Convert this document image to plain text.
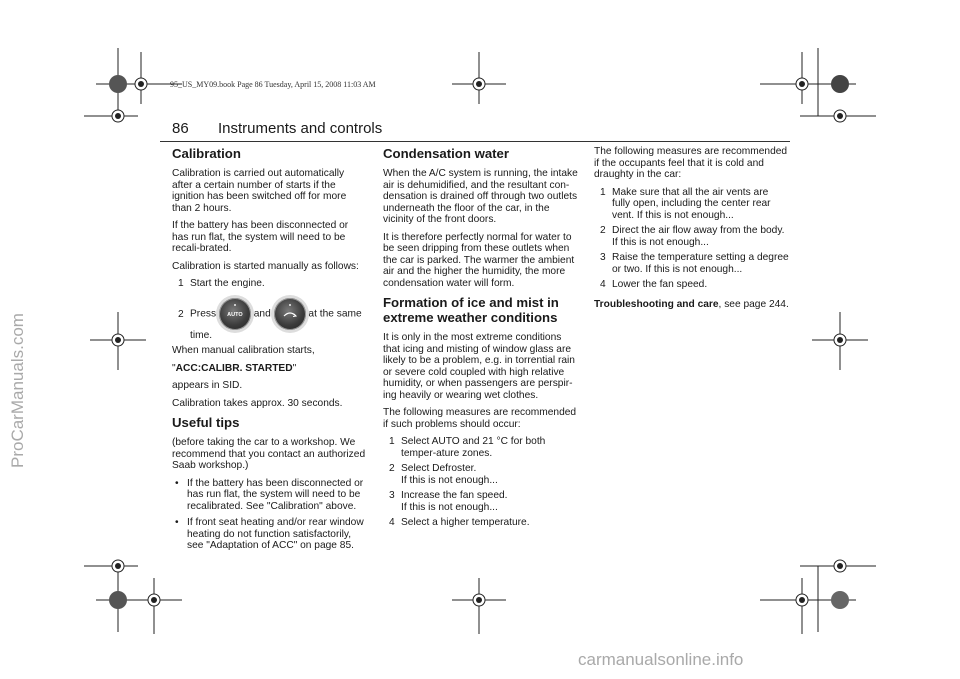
95_US_MY09.book Page 86 Tuesday, April 15, 2008 11:03 AM
86 Instruments and controls
Calibration

Calibration is carried out automatically after a certain number of starts if the ignition has been switched off for more than 2 hours.

If the battery has been disconnected or has run flat, the system will need to be recali-brated.

Calibration is started manually as follows:

1 Start the engine.
2 Press	AUTO	and	at the same time.

When manual calibration starts,

"ACC:CALIBR. STARTED"

appears in SID.

Calibration takes approx. 30 seconds.

Useful tips

(before taking the car to a workshop. We recommend that you contact an authorized Saab workshop.)

• If the battery has been disconnected or has run flat, the system will need to be recalibrated. See "Calibration" above.
• If front seat heating and/or rear window heating do not function satisfactorily, see "Adaptation of ACC" on page 85.
Condensation water

When the A/C system is running, the intake air is dehumidified, and the resultant con-densation is drained off through two outlets underneath the floor of the car, in the vicinity of the front doors.

It is therefore perfectly normal for water to be seen dripping from these outlets when the car is parked. The warmer the ambient air and the higher the humidity, the more condensation water will form.

Formation of ice and mist in extreme weather conditions

It is only in the most extreme conditions that icing and misting of window glass are likely to be a problem, e.g. in torrential rain or severe cold coupled with high relative humidity, or when passengers are perspir-ing heavily or wearing wet clothes.

The following measures are recommended if such problems should occur:

1 Select AUTO and 21 °C for both temper-ature zones.
2 Select Defroster.
If this is not enough...
3 Increase the fan speed.
If this is not enough...
4 Select a higher temperature.

The following measures are recommended if the occupants feel that it is cold and draughty in the car:

1 Make sure that all the air vents are fully open, including the center rear vent. If this is not enough...
2 Direct the air flow away from the body. If this is not enough...
3 Raise the temperature setting a degree or two. If this is not enough...
4 Lower the fan speed.

Troubleshooting and care, see page 244.

ProCarManuals.com
carmanualsonline.info
